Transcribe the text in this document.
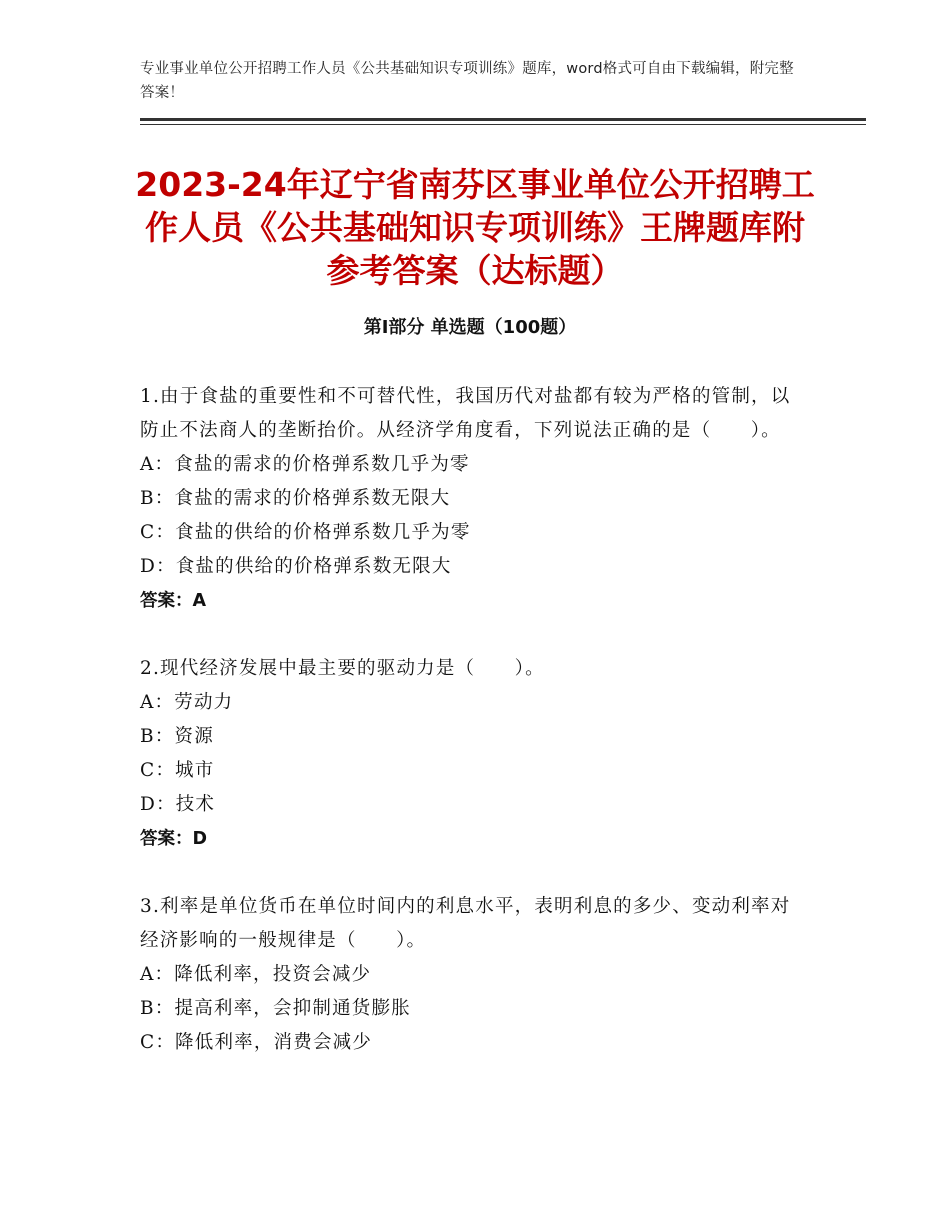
专业事业单位公开招聘工作人员《公共基础知识专项训练》题库，word格式可自由下载编辑，附完整答案！
2023-24年辽宁省南芬区事业单位公开招聘工作人员《公共基础知识专项训练》王牌题库附参考答案（达标题）
第I部分 单选题（100题）
1.由于食盐的重要性和不可替代性，我国历代对盐都有较为严格的管制，以防止不法商人的垄断抬价。从经济学角度看，下列说法正确的是（　　）。
A：食盐的需求的价格弹系数几乎为零
B：食盐的需求的价格弹系数无限大
C：食盐的供给的价格弹系数几乎为零
D：食盐的供给的价格弹系数无限大
答案：A
2.现代经济发展中最主要的驱动力是（　　）。
A：劳动力
B：资源
C：城市
D：技术
答案：D
3.利率是单位货币在单位时间内的利息水平，表明利息的多少、变动利率对经济影响的一般规律是（　　）。
A：降低利率，投资会减少
B：提高利率，会抑制通货膨胀
C：降低利率，消费会减少
